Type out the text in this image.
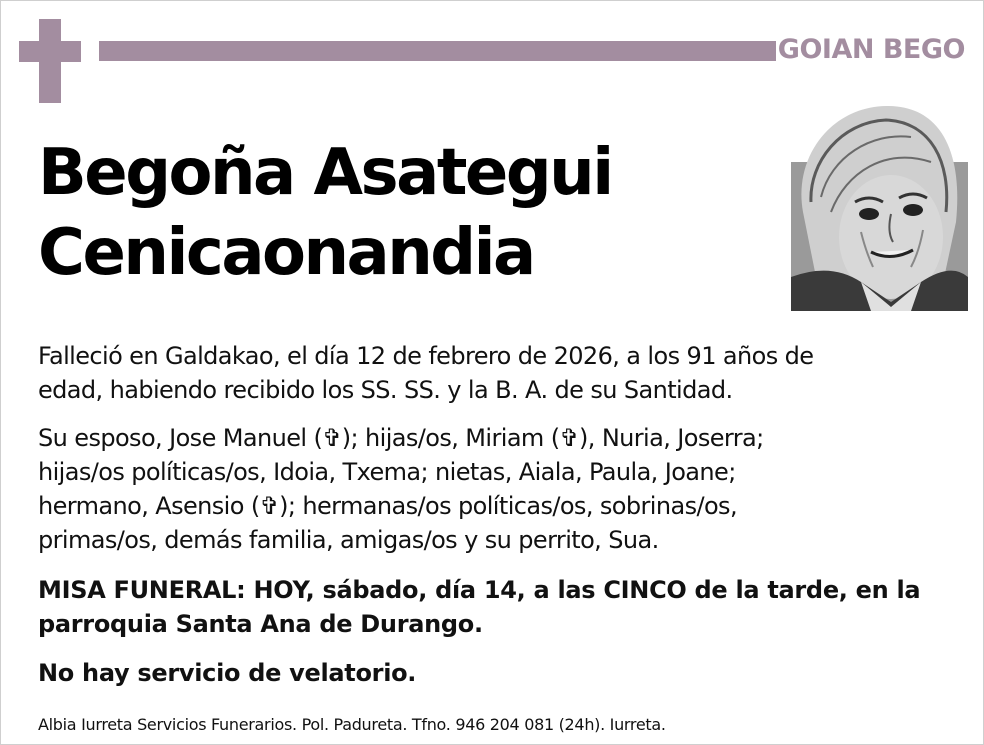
GOIAN BEGO
Begoña Asategui
Cenicaonandia
Falleció en Galdakao, el día 12 de febrero de 2026, a los 91 años de
edad, habiendo recibido los SS. SS. y la B. A. de su Santidad.
Su esposo, Jose Manuel (✞); hijas/os, Miriam (✞), Nuria, Joserra;
hijas/os políticas/os, Idoia, Txema; nietas, Aiala, Paula, Joane;
hermano, Asensio (✞); hermanas/os políticas/os, sobrinas/os,
primas/os, demás familia, amigas/os y su perrito, Sua.
MISA FUNERAL: HOY, sábado, día 14, a las CINCO de la tarde, en la
parroquia Santa Ana de Durango.
No hay servicio de velatorio.
Albia Iurreta Servicios Funerarios. Pol. Padureta. Tfno. 946 204 081 (24h). Iurreta.
